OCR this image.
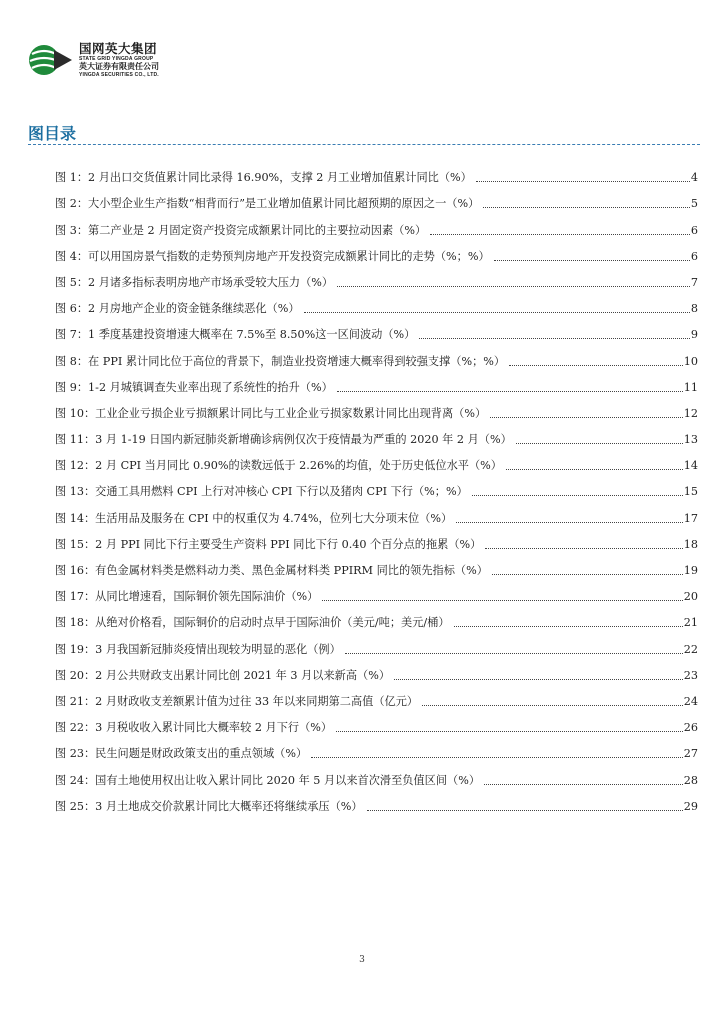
国网英大集团
STATE GRID YINGDA GROUP
英大证券有限责任公司
YINGDA SECURITIES CO., LTD.
图目录
图 1：2 月出口交货值累计同比录得 16.90%，支撑 2 月工业增加值累计同比（%）	4
图 2：大小型企业生产指数“相背而行”是工业增加值累计同比超预期的原因之一（%）	5
图 3：第二产业是 2 月固定资产投资完成额累计同比的主要拉动因素（%）	6
图 4：可以用国房景气指数的走势预判房地产开发投资完成额累计同比的走势（%；%）	6
图 5：2 月诸多指标表明房地产市场承受较大压力（%）	7
图 6：2 月房地产企业的资金链条继续恶化（%）	8
图 7：1 季度基建投资增速大概率在 7.5%至 8.50%这一区间波动（%）	9
图 8：在 PPI 累计同比位于高位的背景下，制造业投资增速大概率得到较强支撑（%；%）	10
图 9：1-2 月城镇调查失业率出现了系统性的抬升（%）	11
图 10：工业企业亏损企业亏损额累计同比与工业企业亏损家数累计同比出现背离（%）	12
图 11：3 月 1-19 日国内新冠肺炎新增确诊病例仅次于疫情最为严重的 2020 年 2 月（%）	13
图 12：2 月 CPI 当月同比 0.90%的读数远低于 2.26%的均值，处于历史低位水平（%）	14
图 13：交通工具用燃料 CPI 上行对冲核心 CPI 下行以及猪肉 CPI 下行（%；%）	15
图 14：生活用品及服务在 CPI 中的权重仅为 4.74%，位列七大分项末位（%）	17
图 15：2 月 PPI 同比下行主要受生产资料 PPI 同比下行 0.40 个百分点的拖累（%）	18
图 16：有色金属材料类是燃料动力类、黑色金属材料类 PPIRM 同比的领先指标（%）	19
图 17：从同比增速看，国际铜价领先国际油价（%）	20
图 18：从绝对价格看，国际铜价的启动时点早于国际油价（美元/吨；美元/桶）	21
图 19：3 月我国新冠肺炎疫情出现较为明显的恶化（例）	22
图 20：2 月公共财政支出累计同比创 2021 年 3 月以来新高（%）	23
图 21：2 月财政收支差额累计值为过往 33 年以来同期第二高值（亿元）	24
图 22：3 月税收收入累计同比大概率较 2 月下行（%）	26
图 23：民生问题是财政政策支出的重点领域（%）	27
图 24：国有土地使用权出让收入累计同比 2020 年 5 月以来首次滑至负值区间（%）	28
图 25：3 月土地成交价款累计同比大概率还将继续承压（%）	29
3
